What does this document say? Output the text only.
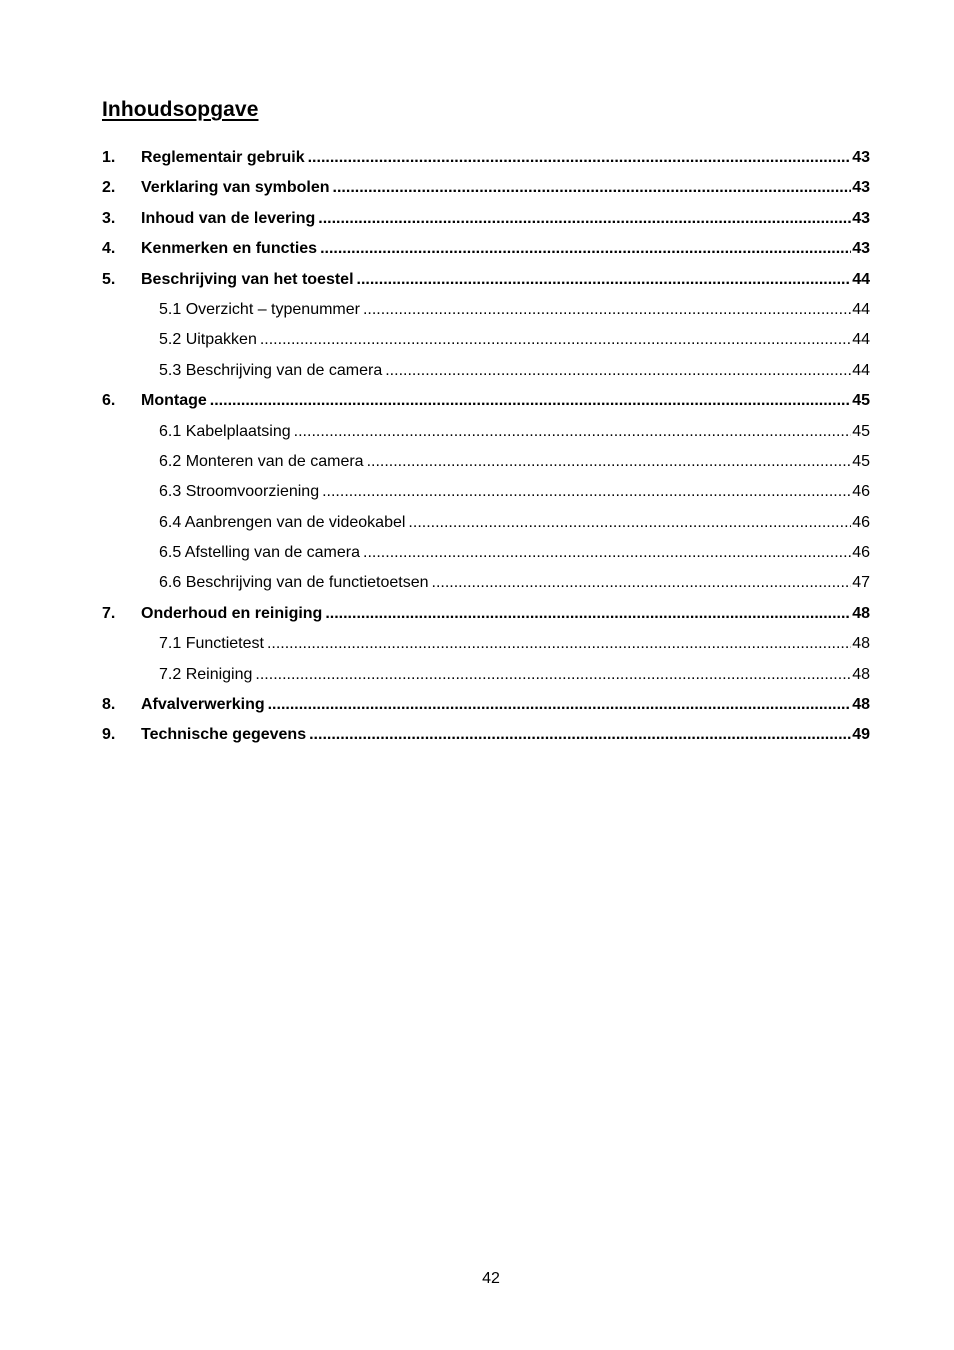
Inhoudsopgave
1.	Reglementair gebruik .....	43
2.	Verklaring van symbolen .....	43
3.	Inhoud van de levering .....	43
4.	Kenmerken en functies .....	43
5.	Beschrijving van het toestel .....	44
5.1 Overzicht – typenummer .....	44
5.2 Uitpakken .....	44
5.3 Beschrijving van de camera .....	44
6.	Montage .....	45
6.1 Kabelplaatsing .....	45
6.2 Monteren van de camera .....	45
6.3 Stroomvoorziening .....	46
6.4 Aanbrengen van de videokabel .....	46
6.5 Afstelling van de camera .....	46
6.6 Beschrijving van de functietoetsen .....	47
7.	Onderhoud en reiniging .....	48
7.1 Functietest .....	48
7.2 Reiniging .....	48
8.	Afvalverwerking .....	48
9.	Technische gegevens .....	49
42
